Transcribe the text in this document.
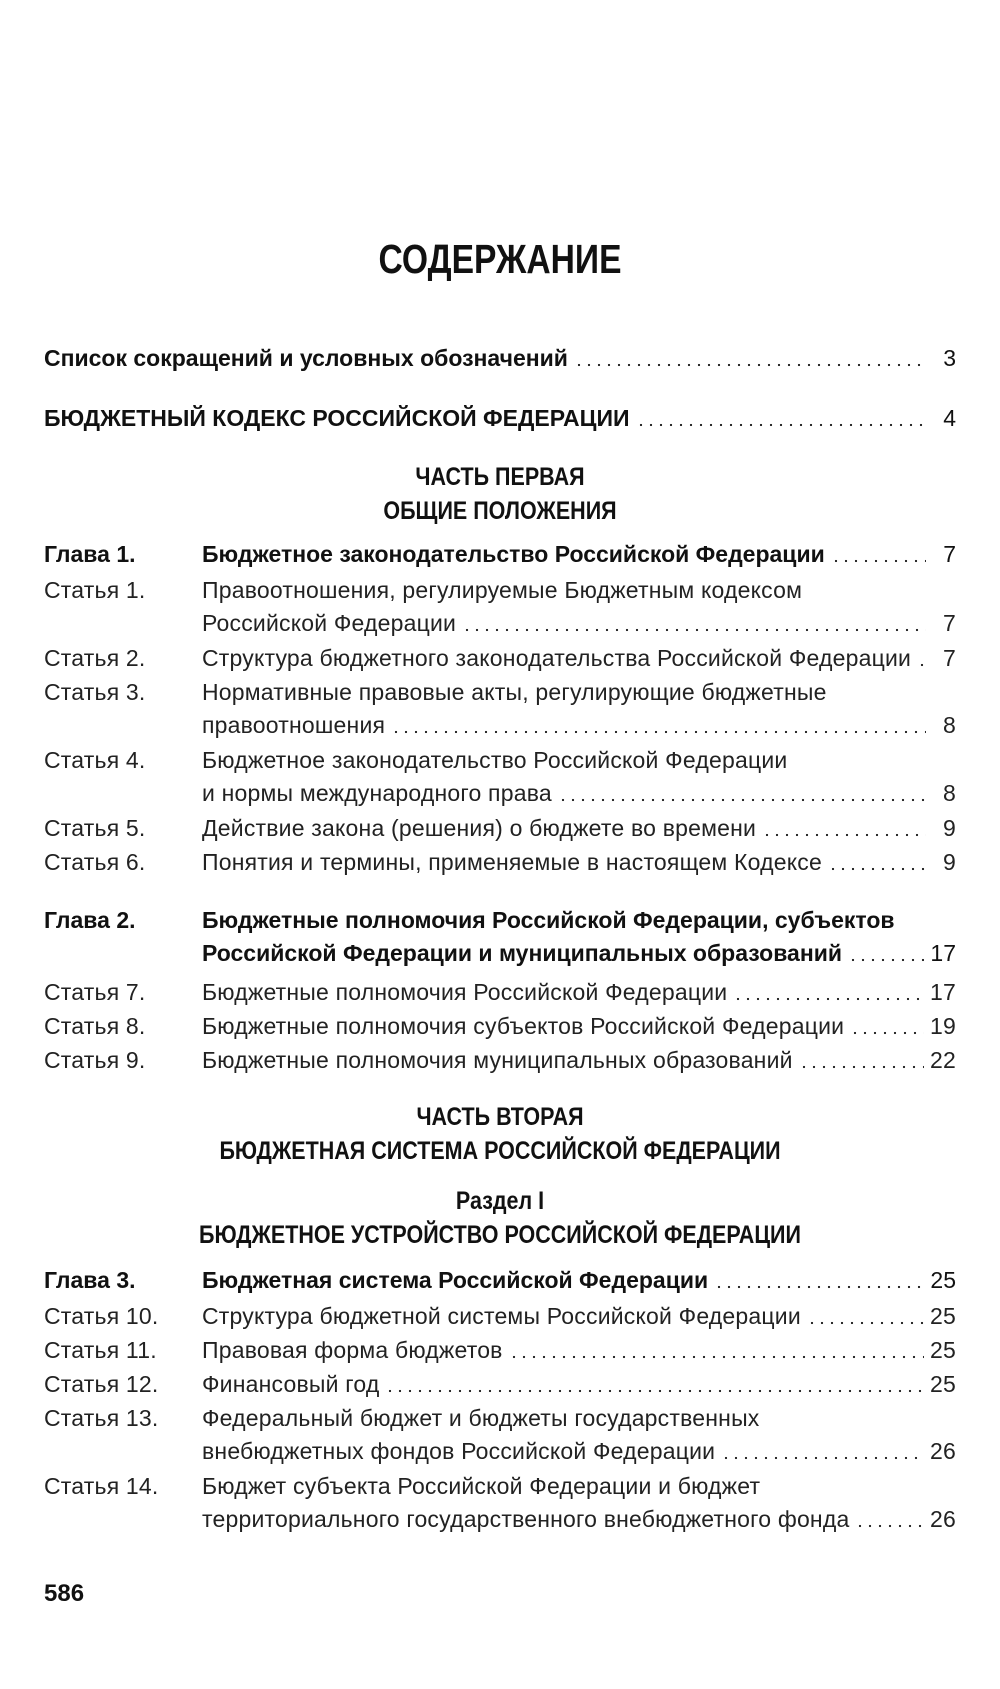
СОДЕРЖАНИЕ
Список сокращений и условных обозначений	3
БЮДЖЕТНЫЙ КОДЕКС РОССИЙСКОЙ ФЕДЕРАЦИИ	4
ЧАСТЬ ПЕРВАЯ
ОБЩИЕ ПОЛОЖЕНИЯ
Глава 1.	Бюджетное законодательство Российской Федерации	7
Статья 1.	Правоотношения, регулируемые Бюджетным кодексом
Российской Федерации	7
Статья 2.	Структура бюджетного законодательства Российской Федерации	7
Статья 3.	Нормативные правовые акты, регулирующие бюджетные
правоотношения	8
Статья 4.	Бюджетное законодательство Российской Федерации
и нормы международного права	8
Статья 5.	Действие закона (решения) о бюджете во времени	9
Статья 6.	Понятия и термины, применяемые в настоящем Кодексе	9
Глава 2.	Бюджетные полномочия Российской Федерации, субъектов
Российской Федерации и муниципальных образований	17
Статья 7.	Бюджетные полномочия Российской Федерации	17
Статья 8.	Бюджетные полномочия субъектов Российской Федерации	19
Статья 9.	Бюджетные полномочия муниципальных образований	22
ЧАСТЬ ВТОРАЯ
БЮДЖЕТНАЯ СИСТЕМА РОССИЙСКОЙ ФЕДЕРАЦИИ
Раздел I
БЮДЖЕТНОЕ УСТРОЙСТВО РОССИЙСКОЙ ФЕДЕРАЦИИ
Глава 3.	Бюджетная система Российской Федерации	25
Статья 10.	Структура бюджетной системы Российской Федерации	25
Статья 11.	Правовая форма бюджетов	25
Статья 12.	Финансовый год	25
Статья 13.	Федеральный бюджет и бюджеты государственных
внебюджетных фондов Российской Федерации	26
Статья 14.	Бюджет субъекта Российской Федерации и бюджет
территориального государственного внебюджетного фонда	26
586
